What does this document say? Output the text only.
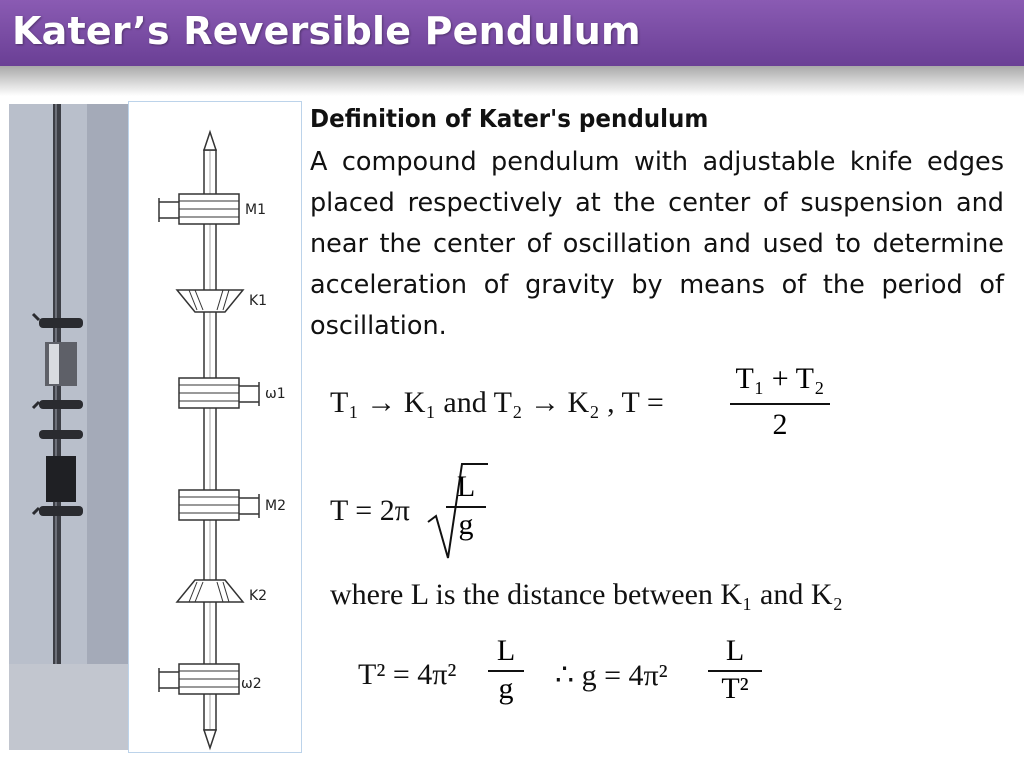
Kater’s Reversible Pendulum
M1
K1
ω1
M2
K2
ω2
Definition of Kater's pendulum
A compound pendulum with adjustable knife edges placed respectively at the center of suspension and near the center of oscillation and used to determine acceleration of gravity by means of the period of oscillation.
T₁ → K₁ and T₂ → K₂ , T =
T₁ + T₂
2
T = 2π
L
g
where L is the distance between K₁ and K₂
T² = 4π²
L
g	∴ g = 4π²
L
T²
